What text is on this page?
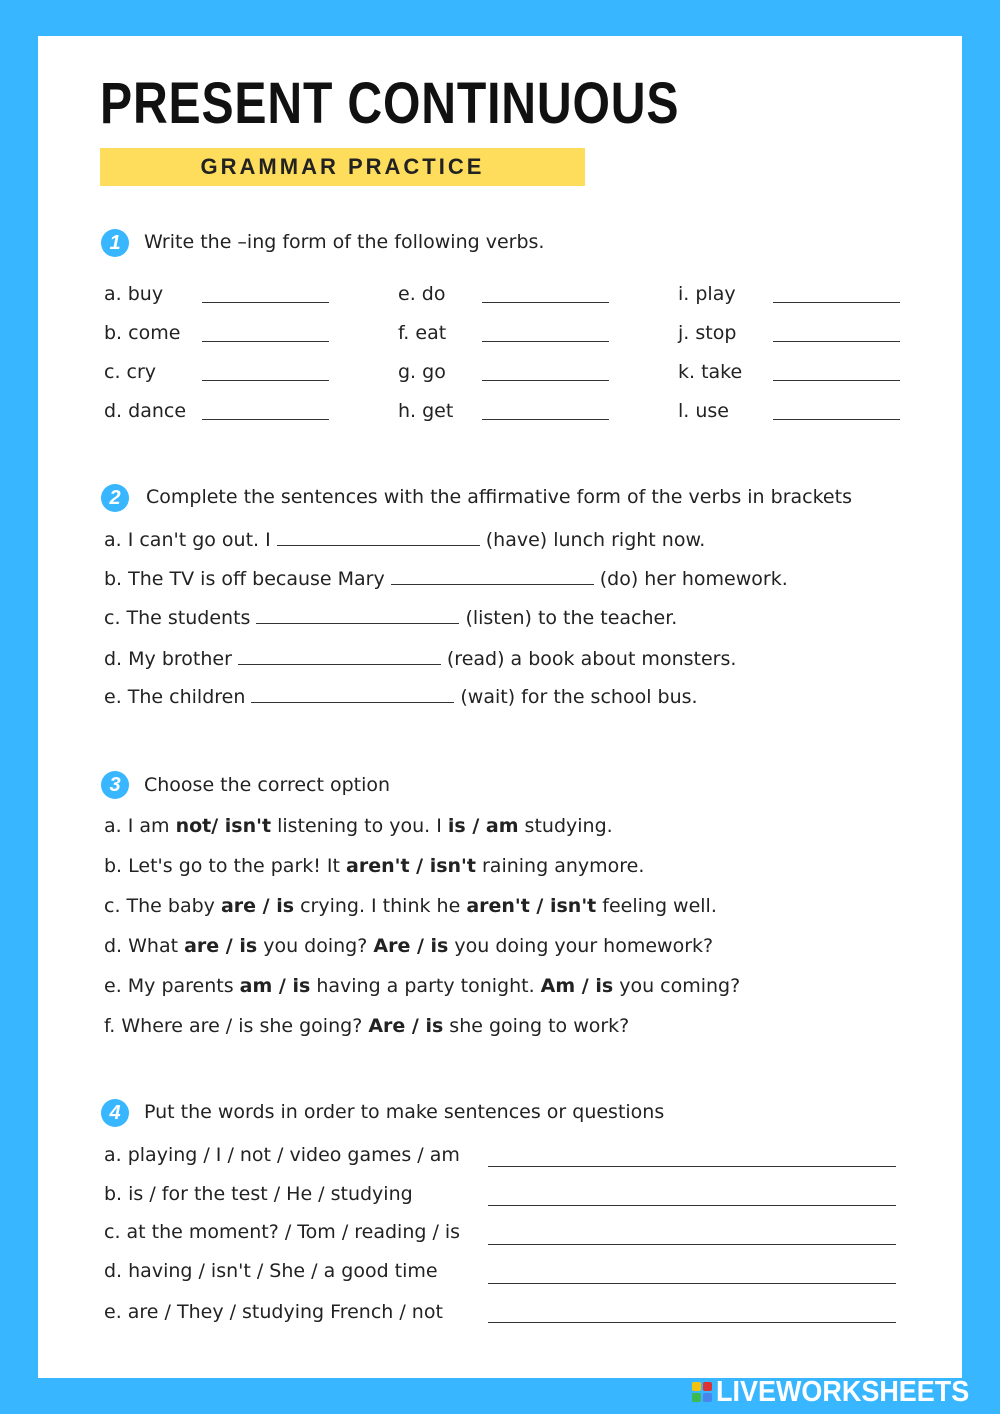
PRESENT CONTINUOUS
GRAMMAR PRACTICE
1	Write the –ing form of the following verbs.
a. buy
b. come
c. cry
d. dance
e. do
f. eat
g. go
h. get
i. play
j. stop
k. take
l. use
2	Complete the sentences with the affirmative form of the verbs in brackets
a. I can't go out. I	(have) lunch right now.
b. The TV is off because Mary	(do) her homework.
c. The students	(listen) to the teacher.
d. My brother	(read) a book about monsters.
e. The children	(wait) for the school bus.
3	Choose the correct option
a. I am not/ isn't listening to you. I is / am studying.
b. Let's go to the park! It aren't / isn't raining anymore.
c. The baby are / is crying. I think he aren't / isn't feeling well.
d. What are / is you doing? Are / is you doing your homework?
e. My parents am / is having a party tonight. Am / is you coming?
f. Where are / is she going? Are / is she going to work?
4	Put the words in order to make sentences or questions
a. playing / I / not / video games / am
b. is / for the test / He / studying
c. at the moment? / Tom / reading / is
d. having / isn't / She / a good time
e. are / They / studying French / not
LIVEWORKSHEETS
